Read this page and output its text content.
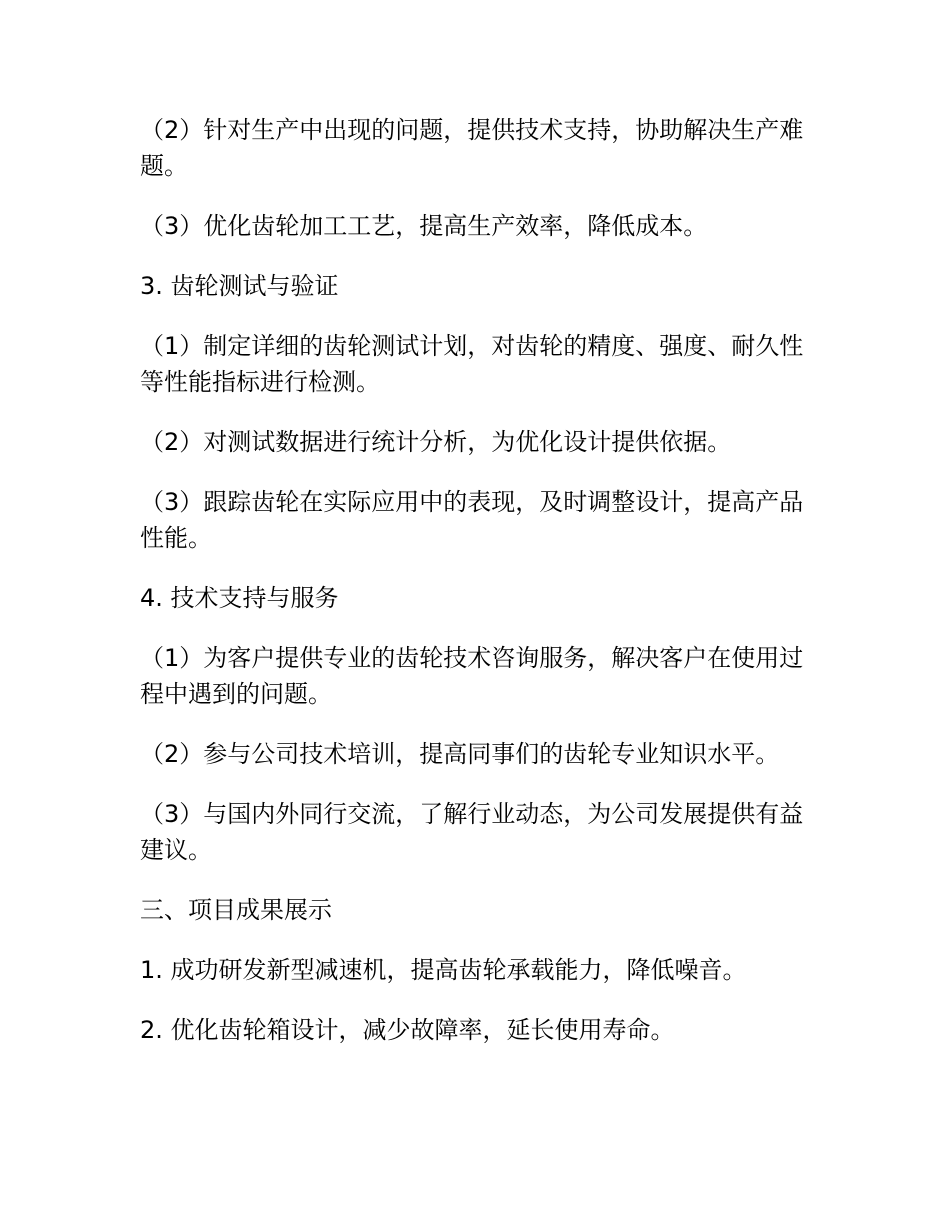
（2）针对生产中出现的问题，提供技术支持，协助解决生产难题。

（3）优化齿轮加工工艺，提高生产效率，降低成本。

3. 齿轮测试与验证

（1）制定详细的齿轮测试计划，对齿轮的精度、强度、耐久性等性能指标进行检测。

（2）对测试数据进行统计分析，为优化设计提供依据。

（3）跟踪齿轮在实际应用中的表现，及时调整设计，提高产品性能。

4. 技术支持与服务

（1）为客户提供专业的齿轮技术咨询服务，解决客户在使用过程中遇到的问题。

（2）参与公司技术培训，提高同事们的齿轮专业知识水平。

（3）与国内外同行交流，了解行业动态，为公司发展提供有益建议。

三、项目成果展示

1. 成功研发新型减速机，提高齿轮承载能力，降低噪音。

2. 优化齿轮箱设计，减少故障率，延长使用寿命。
